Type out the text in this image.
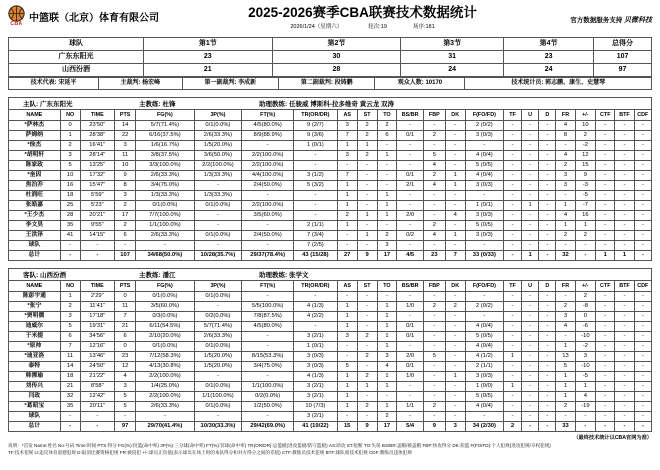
CBA
中篮联（北京）体育有限公司	2025-2026赛季CBA联赛技术数据统计
2026/1/24（星期六）	轮次:19	场序:181
官方数据服务支持 贝微科技
球队	第1节	第2节	第3节	第4节	总得分
广东东阳光	23	30	31	23	107
山西汾酒	21	28	24	24	97
技术代表: 宋延平	主裁判: 杨宏峰	第一副裁判: 李成新	第二副裁判: 段铸鹏	观众人数: 10170	技术统计员: 郭志鹏、康生、史慧琴
主队: 广东东阳光	主教练: 杜锋	助理教练: 任骏威 博斯科-拉多维奇 黄云龙 双涛
NAME	NO	TIME	PTS	FG(%)	3P(%)	FT(%)	TR(OR/DR)	AS	ST	TO	BS/BR	FBP	DK	F(FO/FD)	TF	U	D	FR	+/-	CTF	BTF	CDF
*萨林杰	0	23'50"	14	5/7(71.4%)	0/1(0.0%)	4/5(80.0%)	9 (2/7)	3	2	2	-	-	-	2 (0/2)	-	-	-	4	10	-	-	-
萨姆纳	1	28'38"	22	6/16(37.5%)	2/6(33.3%)	8/9(88.9%)	9 (3/6)	7	2	6	0/1	2	-	3 (0/3)	-	-	-	8	2	-	-	-
*徐杰	2	16'41"	3	1/6(16.7%)	1/5(20.0%)	-	1 (0/1)	1	1	-	-	-	-	-	-	-	-	-	-2	-	-	-
*胡明轩	3	28'14"	11	3/8(37.5%)	3/6(50.0%)	2/2(100.0%)	-	3	2	1	-	5	-	4 (0/4)	-	-	-	4	12	-	-	-
陈家政	5	13'25"	10	3/3(100.0%)	2/2(100.0%)	2/2(100.0%)	-	-	-	-	-	4	-	5 (0/5)	-	-	-	2	15	-	-	-
*奎因	10	17'32"	9	2/6(33.3%)	1/3(33.3%)	4/4(100.0%)	3 (1/2)	7	-	-	0/1	2	1	4 (0/4)	-	-	-	3	9	-	-	-
焦泊乔	16	15'47"	8	3/4(75.0%)	-	2/4(50.0%)	5 (3/2)	1	-	-	2/1	4	1	3 (0/3)	-	-	-	3	-3	-	-	-
杜润旺	18	5'59"	3	1/3(33.3%)	1/3(33.3%)	-	-	1	-	1	-	-	-	-	-	-	-	-	-5	-	-	-
张皓嘉	25	5'23"	2	0/1(0.0%)	0/1(0.0%)	2/2(100.0%)	-	1	-	1	-	-	-	1 (0/1)	-	1	-	1	-7	-	-	-
*王少杰	28	20'21"	17	7/7(100.0%)	-	3/5(60.0%)	-	2	1	1	2/0	-	4	3 (0/3)	-	-	-	4	16	-	-	-
李文昊	35	9'55"	2	1/1(100.0%)	-	-	2 (1/1)	1	-	-	-	2	-	5 (0/5)	-	-	-	1	1	-	-	-
王洪泽	41	14'15"	6	2/6(33.3%)	0/1(0.0%)	2/4(50.0%)	7 (3/4)	-	1	2	0/2	4	1	3 (0/3)	-	-	-	2	2	-	-	-
球队	-	-	-	-	-	-	7 (2/5)	-	-	3	-	-	-	-	-	-	-	-	-	-	-	-
总计	-	-	107	34/68(50.0%)	10/28(35.7%)	29/37(78.4%)	43 (15/28)	27	9	17	4/5	23	7	33 (0/33)	-	1	-	32	-	1	1	-
客队: 山西汾酒	主教练: 潘江	助理教练: 张学文
NAME	NO	TIME	PTS	FG(%)	3P(%)	FT(%)	TR(OR/DR)	AS	ST	TO	BS/BR	FBP	DK	F(FO/FD)	TF	U	D	FR	+/-	CTF	BTF	CDF
陈彭宇通	1	2'29"	0	0/1(0.0%)	0/1(0.0%)	-	-	-	-	-	-	-	-	-	-	-	-	-	2	-	-	-
*张宁	2	11'41"	11	3/5(60.0%)	-	5/5(100.0%)	4 (1/3)	1	-	1	1/0	2	2	2 (0/2)	-	-	-	2	-8	-	-	-
*贾明儒	3	17'18"	7	0/3(0.0%)	0/2(0.0%)	7/8(87.5%)	4 (2/2)	1	-	1	-	-	-	-	-	-	-	3	0	-	-	-
迪威尔	5	19'31"	21	6/11(54.5%)	5/7(71.4%)	4/5(80.0%)	-	1	-	1	0/1	-	-	4 (0/4)	-	-	-	4	-6	-	-	-
于米提	6	34'56"	6	2/10(20.0%)	2/6(33.3%)	-	3 (2/1)	3	2	1	0/1	-	-	5 (0/5)	-	-	-	-	-10	-	-	-
*原帅	7	12'16"	0	0/1(0.0%)	0/1(0.0%)	-	1 (0/1)	-	-	1	-	-	-	4 (0/4)	-	-	-	1	-2	-	-	-
*迪亚洛	11	13'46"	23	7/12(58.3%)	1/5(20.0%)	8/15(53.3%)	3 (0/3)	-	2	3	2/0	5	-	4 (1/2)	1	-	-	13	3	-	-	-
泰特	14	24'50"	12	4/13(30.8%)	1/5(20.0%)	3/4(75.0%)	3 (0/3)	5	-	4	0/1	-	-	2 (1/1)	-	-	-	5	-10	-	-	-
韩霈瑜	18	21'22"	4	2/2(100.0%)	-	-	4 (1/3)	1	2	1	1/0	-	1	3 (0/3)	-	-	-	1	-5	-	-	-
刘传兴	21	8'58"	3	1/4(25.0%)	0/1(0.0%)	1/1(100.0%)	3 (2/1)	1	1	1	-	-	-	1 (0/0)	1	-	-	1	1	-	-	-
闫政	32	12'42"	5	2/2(100.0%)	1/1(100.0%)	0/2(0.0%)	3 (2/1)	1	-	-	-	-	-	5 (0/5)	-	-	-	1	4	-	-	-
*葛昭宝	35	20'11"	5	2/6(33.3%)	0/1(0.0%)	1/2(50.0%)	10 (7/3)	1	2	1	1/1	2	-	4 (0/4)	-	-	-	2	-19	-	-	-
球队	-	-	-	-	-	-	3 (2/1)	-	-	2	-	-	-	-	-	-	-	-	-	-	-	-
总计	-	-	97	29/70(41.4%)	10/30(33.3%)	29/42(69.0%)	41 (19/22)	15	9	17	5/4	9	3	34 (2/30)	2	-	-	33	-	-	-	-
（最终技术统计以CBA官网为准）
说明：*首发 Name:姓名 No:号码 Time:时间 PTS:得分 FG(%):投篮(命中率) 3P(%):三分球(命中率) FT(%):罚球(命中率) TR(OR/DR):总篮板(进攻篮板/防守篮板) AS:助攻 ST:抢断 TO:失误 BS/BR:盖帽/被盖帽 FBP:快攻得分 DK:扣篮 F(FO/FD):个人犯规(进攻犯规/夺权犯规)
TF:技术犯规 U:违反体育道德犯规 D:取消比赛资格犯规 FR:被侵犯 +/-:球员正负值(表示球员在场上时的本队得分和对方得分之间的差值) CTF:教练员技术犯规 BTF:球队席技术犯规 CDF:教练员违体犯规
